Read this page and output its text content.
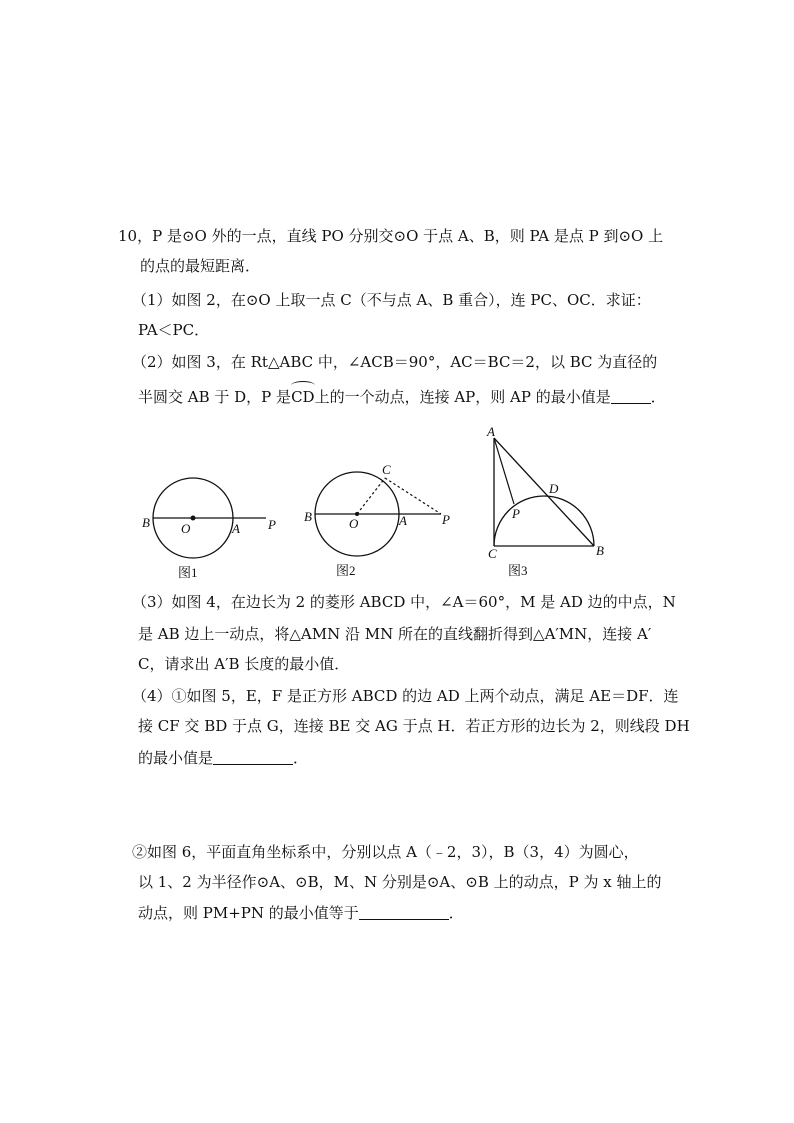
10，P 是⊙O 外的一点，直线 PO 分别交⊙O 于点 A、B，则 PA 是点 P 到⊙O 上
的点的最短距离．
（1）如图 2，在⊙O 上取一点 C（不与点 A、B 重合），连 PC、OC．求证：
PA＜PC．
（2）如图 3，在 Rt△ABC 中，∠ACB＝90°，AC＝BC＝2，以 BC 为直径的
半圆交 AB 于 D，P 是
CD上的一个动点，连接 AP，则 AP 的最小值是	．
（3）如图 4，在边长为 2 的菱形 ABCD 中，∠A＝60°，M 是 AD 边的中点，N
是 AB 边上一动点，将△AMN 沿 MN 所在的直线翻折得到△A′MN，连接 A′
C，请求出 A′B 长度的最小值．
（4）①如图 5，E，F 是正方形 ABCD 的边 AD 上两个动点，满足 AE＝DF．连
接 CF 交 BD 于点 G，连接 BE 交 AG 于点 H．若正方形的边长为 2，则线段 DH
的最小值是	．
②如图 6，平面直角坐标系中，分别以点 A（﹣2，3），B（3，4）为圆心，
以 1、2 为半径作⊙A、⊙B，M、N 分别是⊙A、⊙B 上的动点，P 为 x 轴上的
动点，则 PM+PN 的最小值等于	．
B O	A P
图1
B	O	A	P
C
图2
A
C	B
D
P
图3
